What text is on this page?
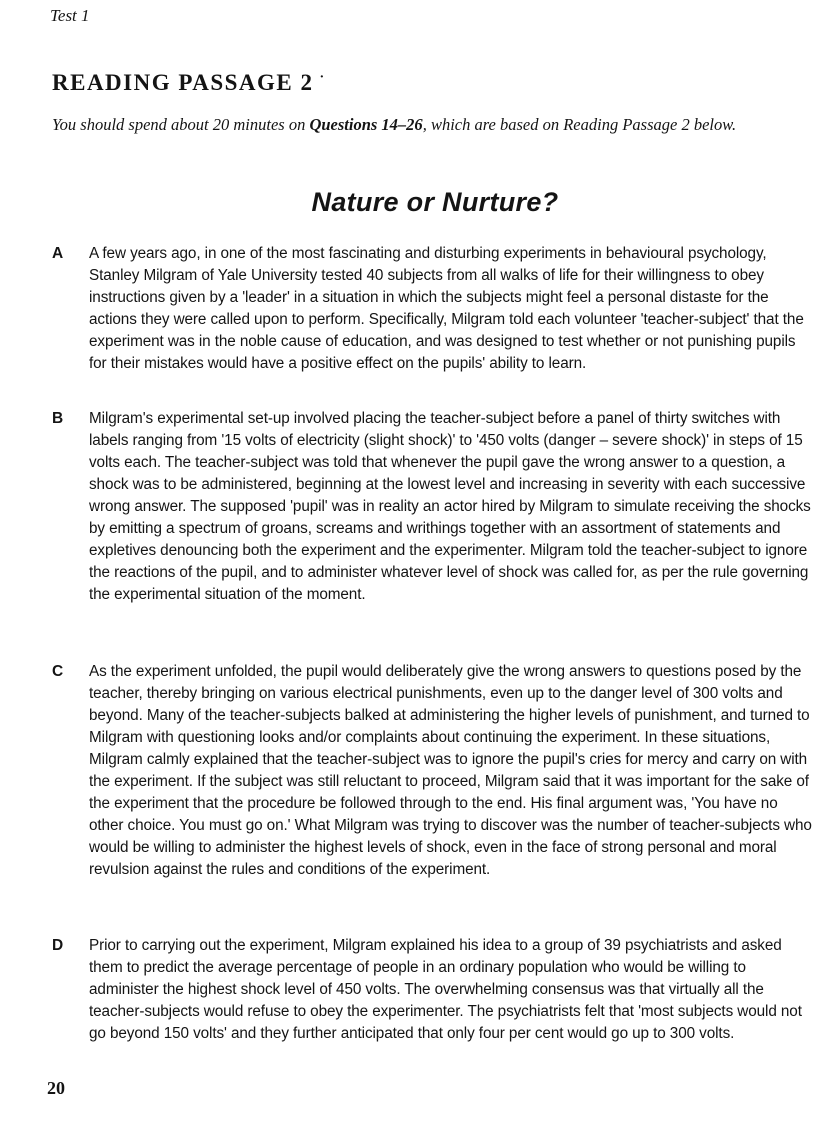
Test 1
READING PASSAGE 2 ·

You should spend about 20 minutes on Questions 14–26, which are based on Reading Passage 2 below.

Nature or Nurture?
A A few years ago, in one of the most fascinating and disturbing experiments in behavioural psychology, Stanley Milgram of Yale University tested 40 subjects from all walks of life for their willingness to obey instructions given by a 'leader' in a situation in which the subjects might feel a personal distaste for the actions they were called upon to perform. Specifically, Milgram told each volunteer 'teacher-subject' that the experiment was in the noble cause of education, and was designed to test whether or not punishing pupils for their mistakes would have a positive effect on the pupils' ability to learn.

B Milgram's experimental set-up involved placing the teacher-subject before a panel of thirty switches with labels ranging from '15 volts of electricity (slight shock)' to '450 volts (danger – severe shock)' in steps of 15 volts each. The teacher-subject was told that whenever the pupil gave the wrong answer to a question, a shock was to be administered, beginning at the lowest level and increasing in severity with each successive wrong answer. The supposed 'pupil' was in reality an actor hired by Milgram to simulate receiving the shocks by emitting a spectrum of groans, screams and writhings together with an assortment of statements and expletives denouncing both the experiment and the experimenter. Milgram told the teacher-subject to ignore the reactions of the pupil, and to administer whatever level of shock was called for, as per the rule governing the experimental situation of the moment.

C As the experiment unfolded, the pupil would deliberately give the wrong answers to questions posed by the teacher, thereby bringing on various electrical punishments, even up to the danger level of 300 volts and beyond. Many of the teacher-subjects balked at administering the higher levels of punishment, and turned to Milgram with questioning looks and/or complaints about continuing the experiment. In these situations, Milgram calmly explained that the teacher-subject was to ignore the pupil's cries for mercy and carry on with the experiment. If the subject was still reluctant to proceed, Milgram said that it was important for the sake of the experiment that the procedure be followed through to the end. His final argument was, 'You have no other choice. You must go on.' What Milgram was trying to discover was the number of teacher-subjects who would be willing to administer the highest levels of shock, even in the face of strong personal and moral revulsion against the rules and conditions of the experiment.

D Prior to carrying out the experiment, Milgram explained his idea to a group of 39 psychiatrists and asked them to predict the average percentage of people in an ordinary population who would be willing to administer the highest shock level of 450 volts. The overwhelming consensus was that virtually all the teacher-subjects would refuse to obey the experimenter. The psychiatrists felt that 'most subjects would not go beyond 150 volts' and they further anticipated that only four per cent would go up to 300 volts.

20
